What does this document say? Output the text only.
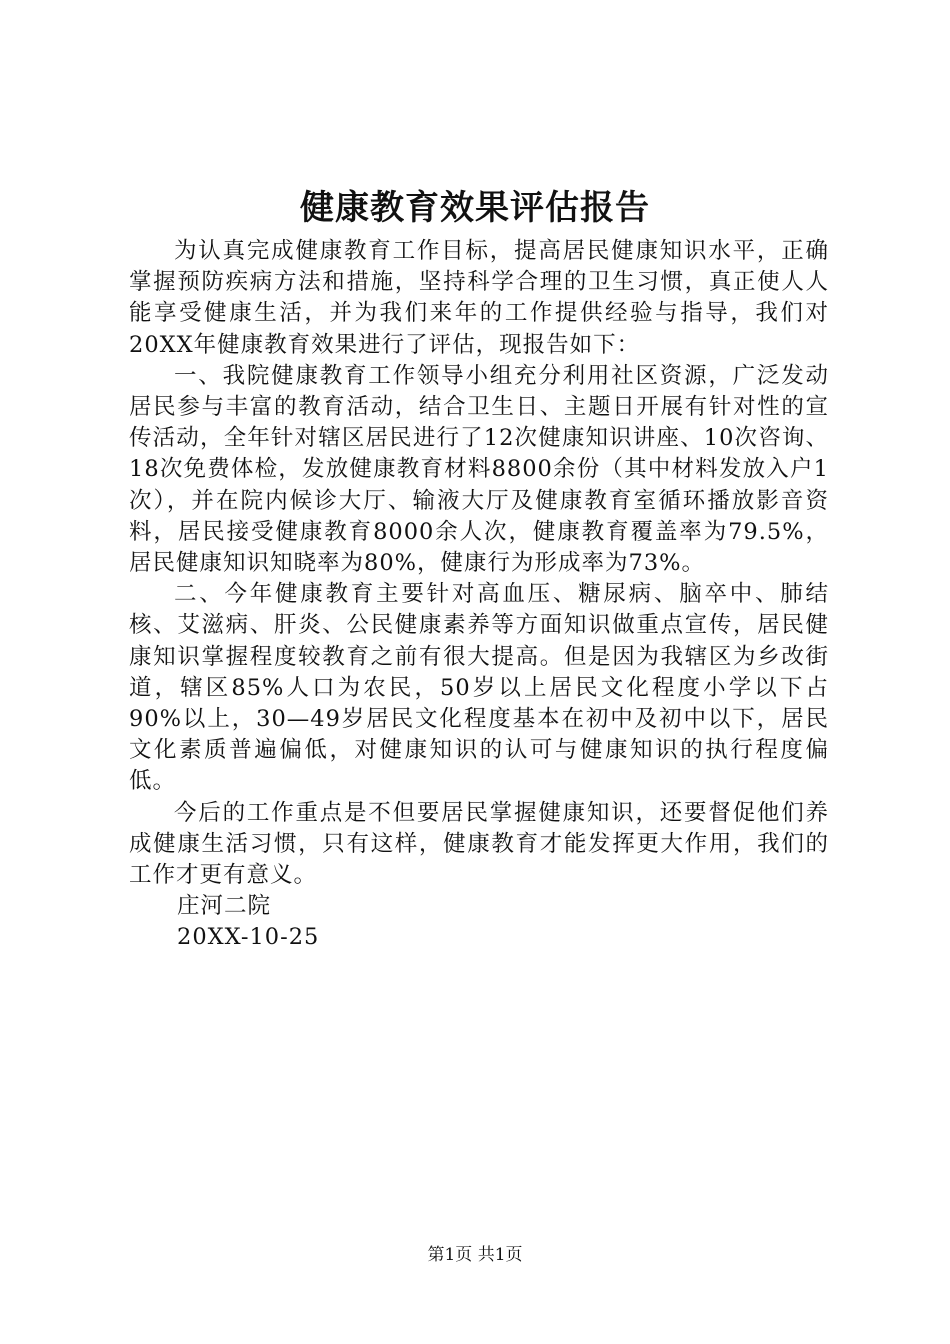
健康教育效果评估报告

为认真完成健康教育工作目标，提高居民健康知识水平，正确掌握预防疾病方法和措施，坚持科学合理的卫生习惯，真正使人人能享受健康生活，并为我们来年的工作提供经验与指导，我们对20XX年健康教育效果进行了评估，现报告如下：

一、我院健康教育工作领导小组充分利用社区资源，广泛发动居民参与丰富的教育活动，结合卫生日、主题日开展有针对性的宣传活动，全年针对辖区居民进行了12次健康知识讲座、10次咨询、18次免费体检，发放健康教育材料8800余份（其中材料发放入户1次），并在院内候诊大厅、输液大厅及健康教育室循环播放影音资料，居民接受健康教育8000余人次，健康教育覆盖率为79.5%，居民健康知识知晓率为80%，健康行为形成率为73%。

二、今年健康教育主要针对高血压、糖尿病、脑卒中、肺结核、艾滋病、肝炎、公民健康素养等方面知识做重点宣传，居民健康知识掌握程度较教育之前有很大提高。但是因为我辖区为乡改街道，辖区85%人口为农民，50岁以上居民文化程度小学以下占90%以上，30—49岁居民文化程度基本在初中及初中以下，居民文化素质普遍偏低，对健康知识的认可与健康知识的执行程度偏低。

今后的工作重点是不但要居民掌握健康知识，还要督促他们养成健康生活习惯，只有这样，健康教育才能发挥更大作用，我们的工作才更有意义。

庄河二院

20XX-10-25

第1页 共1页
